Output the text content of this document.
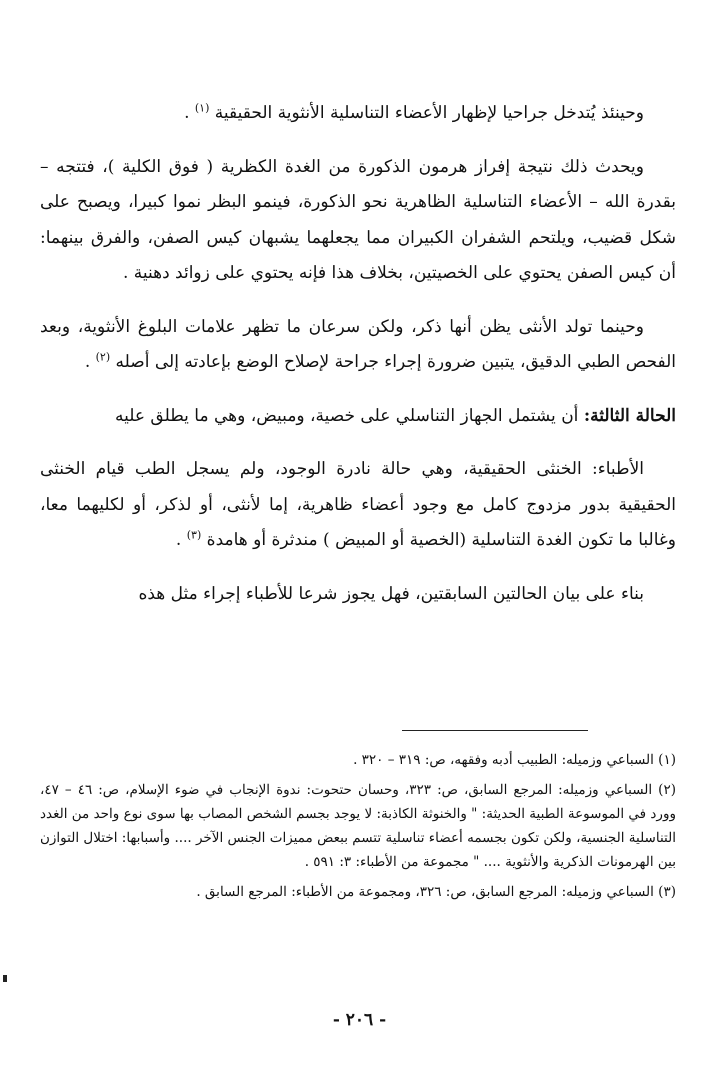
وحينئذ يُتدخل جراحيا لإظهار الأعضاء التناسلية الأنثوية الحقيقية $^{(١)}$ .

ويحدث ذلك نتيجة إفراز هرمون الذكورة من الغدة الكظرية ( فوق الكلية )، فتتجه – بقدرة الله – الأعضاء التناسلية الظاهرية نحو الذكورة، فينمو البظر نموا كبيرا، ويصبح على شكل قضيب، ويلتحم الشفران الكبيران مما يجعلهما يشبهان كيس الصفن، والفرق بينهما: أن كيس الصفن يحتوي على الخصيتين، بخلاف هذا فإنه يحتوي على زوائد دهنية .

وحينما تولد الأنثى يظن أنها ذكر، ولكن سرعان ما تظهر علامات البلوغ الأنثوية، وبعد الفحص الطبي الدقيق، يتبين ضرورة إجراء جراحة لإصلاح الوضع بإعادته إلى أصله $^{(٢)}$ .

الحالة الثالثة: أن يشتمل الجهاز التناسلي على خصية، ومبيض، وهي ما يطلق عليه

الأطباء: الخنثى الحقيقية، وهي حالة نادرة الوجود، ولم يسجل الطب قيام الخنثى الحقيقية بدور مزدوج كامل مع وجود أعضاء ظاهرية، إما لأنثى، أو لذكر، أو لكليهما معا، وغالبا ما تكون الغدة التناسلية (الخصية أو المبيض ) مندثرة أو هامدة $^{(٣)}$ .

بناء على بيان الحالتين السابقتين، فهل يجوز شرعا للأطباء إجراء مثل هذه

(١) السباعي وزميله: الطبيب أدبه وفقهه، ص: ٣١٩ – ٣٢٠ .

(٢) السباعي وزميله: المرجع السابق، ص: ٣٢٣، وحسان حتحوت: ندوة الإنجاب في ضوء الإسلام، ص: ٤٦ – ٤٧، وورد في الموسوعة الطبية الحديثة: " والخنوثة الكاذبة: لا يوجد بجسم الشخص المصاب بها سوى نوع واحد من الغدد التناسلية الجنسية، ولكن تكون بجسمه أعضاء تناسلية تتسم ببعض مميزات الجنس الآخر .... وأسبابها: اختلال التوازن بين الهرمونات الذكرية والأنثوية .... " مجموعة من الأطباء: ٣: ٥٩١ .

(٣) السباعي وزميله: المرجع السابق، ص: ٣٢٦، ومجموعة من الأطباء: المرجع السابق .

- ٢٠٦ -
